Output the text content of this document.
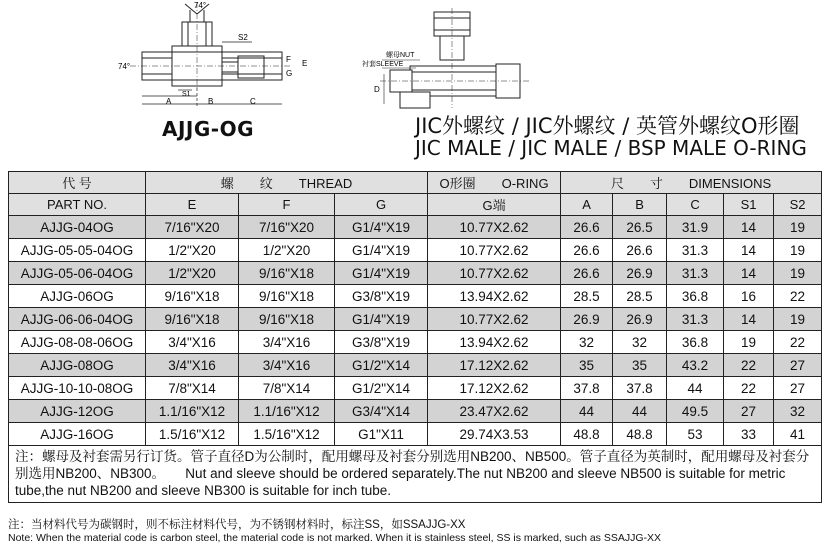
74°
74°
S2
S1
F E
G
A	B	C
螺母NUT
衬套SLEEVE
D
AJJG-OG	JIC外螺纹 / JIC外螺纹 / 英管外螺纹O形圈
JIC MALE / JIC MALE / BSP MALE O-RING
代 号	螺　　纹　　THREAD			O形圈　　O-RING	尺　　寸　　DIMENSIONS				
PART NO.	E	F	G	G端	A	B	C	S1	S2
AJJG-04OG	7/16"X20	7/16"X20	G1/4"X19	10.77X2.62	26.6	26.5	31.9	14	19
AJJG-05-05-04OG	1/2"X20	1/2"X20	G1/4"X19	10.77X2.62	26.6	26.6	31.3	14	19
AJJG-05-06-04OG	1/2"X20	9/16"X18	G1/4"X19	10.77X2.62	26.6	26.9	31.3	14	19
AJJG-06OG	9/16"X18	9/16"X18	G3/8"X19	13.94X2.62	28.5	28.5	36.8	16	22
AJJG-06-06-04OG	9/16"X18	9/16"X18	G1/4"X19	10.77X2.62	26.9	26.9	31.3	14	19
AJJG-08-08-06OG	3/4"X16	3/4"X16	G3/8"X19	13.94X2.62	32	32	36.8	19	22
AJJG-08OG	3/4"X16	3/4"X16	G1/2"X14	17.12X2.62	35	35	43.2	22	27
AJJG-10-10-08OG	7/8"X14	7/8"X14	G1/2"X14	17.12X2.62	37.8	37.8	44	22	27
AJJG-12OG	1.1/16"X12	1.1/16"X12	G3/4"X14	23.47X2.62	44	44	49.5	27	32
AJJG-16OG	1.5/16"X12	1.5/16"X12	G1"X11	29.74X3.53	48.8	48.8	53	33	41
注：螺母及衬套需另行订货。管子直径D为公制时，配用螺母及衬套分别选用NB200、NB500。管子直径为英制时，配用螺母及衬套分别选用NB200、NB300。　　Nut and sleeve should be ordered separately.The nut NB200 and sleeve NB500 is suitable for metric tube,the nut NB200 and sleeve NB300 is suitable for inch tube.									
注：当材料代号为碳钢时，则不标注材料代号，为不锈钢材料时，标注SS，如SSAJJG-XX
Note: When the material code is carbon steel, the material code is not marked. When it is stainless steel, SS is marked, such as SSAJJG-XX
